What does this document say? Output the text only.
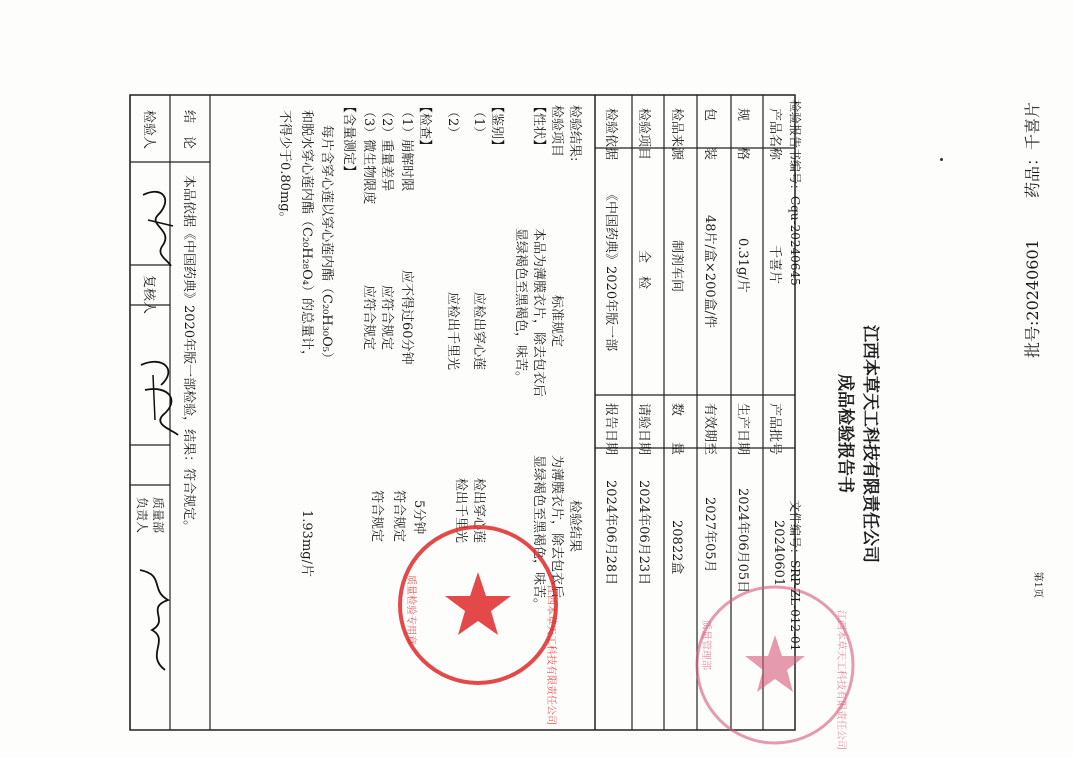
药品：千喜片
批号:20240601
第1页
江西本草天工科技有限责任公司
成品检验报告书
检验报告书编号：Cqu-20240645
文件编号：SRP-ZL-012-01
产品名称
千喜片
产品批号
20240601
规　　格
0.31g/片
生产日期
2024年06月05日
包　　装
48片/盒×200盒/件
有效期至
2027年05月
检品来源
制剂车间
数　　量
20822盒
检验项目
全　检
请验日期
2024年06月23日
检验依据
《中国药典》2020年版一部
报告日期
2024年06月28日
检验结果:
检验项目
标准规定
检验结果
【性状】
本品为薄膜衣片，除去包衣后
显绿褐色至黑褐色，味苦。
为薄膜衣片，除去包衣后
显绿褐色至黑褐色，味苦。
【鉴别】
（1）
应检出穿心莲
检出穿心莲
（2）
应检出千里光
检出千里光
【检查】
（1）崩解时限
应不得过60分钟
5分钟
（2）重量差异
应符合规定
符合规定
（3）微生物限度
应符合规定
符合规定
【含量测定】
每片含穿心莲以穿心莲内酯（C₂₀H₃₀O₅）
和脱水穿心莲内酯（C₂₀H₂₈O₄）的总量计，
不得少于0.80mg。
1.93mg/片
结　论
本品依据《中国药典》2020年版一部检验，结果：符合规定。
检验人
复核人
质量部
负责人
江西本草天工科技有限责任公司
质量检验专用章	江西本草天工科技有限责任公司
质量管理部
